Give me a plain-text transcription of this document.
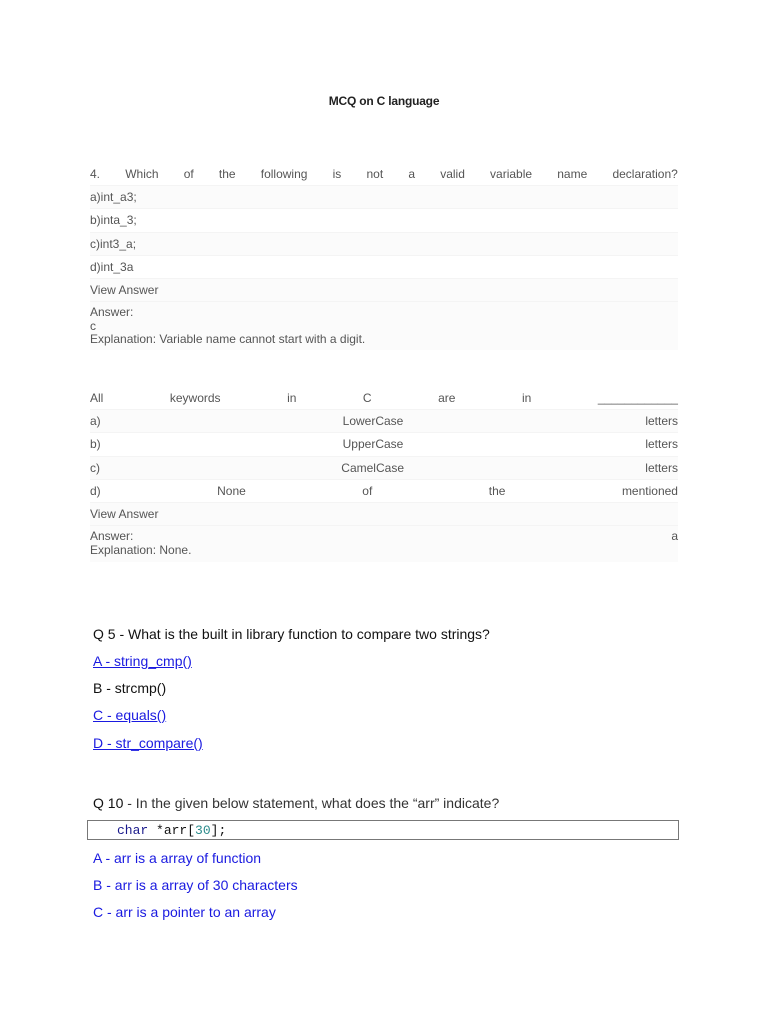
MCQ on C language
4. Which of the following is not a valid variable name declaration?
a)int_a3;
b)inta_3;
c)int3_a;
d)int_3a
View Answer
Answer:
c
Explanation: Variable name cannot start with a digit.
All	keywords	in	C	are	in	____________
a)	LowerCase	letters
b)	UpperCase	letters
c)	CamelCase	letters
d)	None	of	the	mentioned
View Answer
Answer:	a
Explanation: None.
Q 5 - What is the built in library function to compare two strings?
A - string_cmp()
B - strcmp()
C - equals()
D - str_compare()
Q 10 - In the given below statement, what does the “arr” indicate?
char *arr[30];
A - arr is a array of function
B - arr is a array of 30 characters
C - arr is a pointer to an array
